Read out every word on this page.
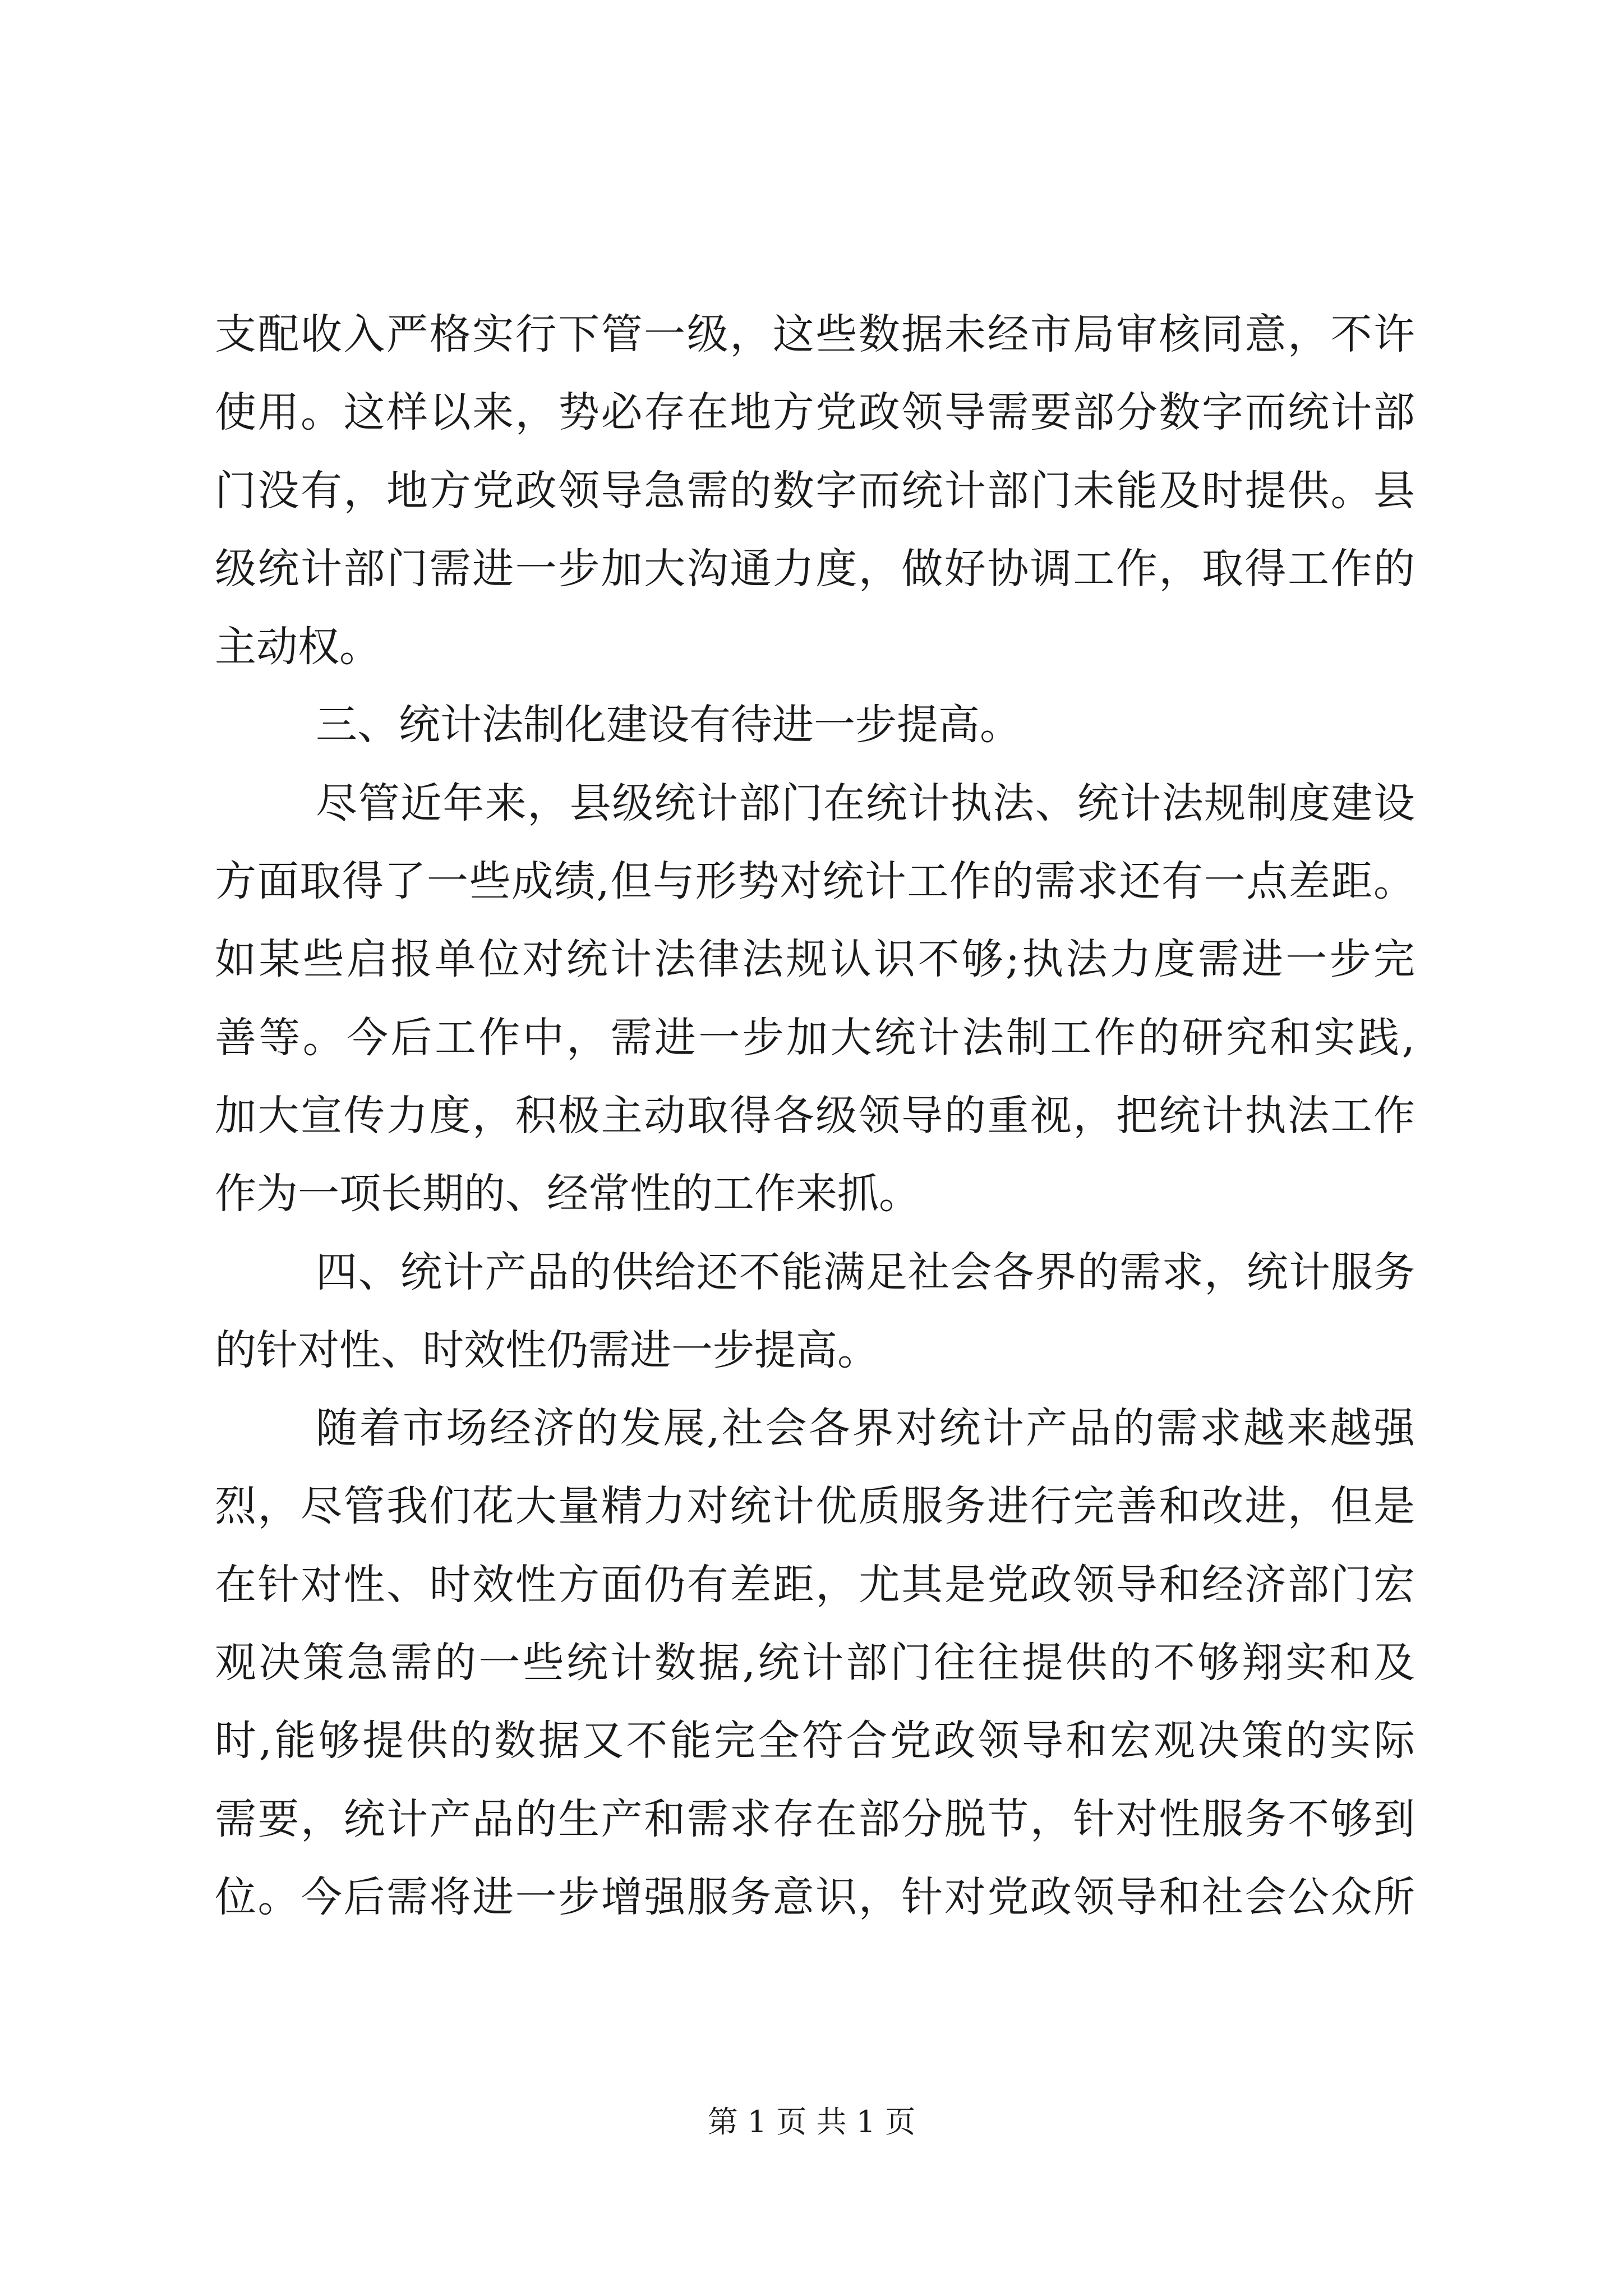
支配收入严格实行下管一级，这些数据未经市局审核同意，不许
使用。这样以来，势必存在地方党政领导需要部分数字而统计部
门没有，地方党政领导急需的数字而统计部门未能及时提供。县
级统计部门需进一步加大沟通力度，做好协调工作，取得工作的
主动权。
三、统计法制化建设有待进一步提高。
尽管近年来，县级统计部门在统计执法、统计法规制度建设
方面取得了一些成绩,但与形势对统计工作的需求还有一点差距。
如某些启报单位对统计法律法规认识不够;执法力度需进一步完
善等。今后工作中，需进一步加大统计法制工作的研究和实践,
加大宣传力度，积极主动取得各级领导的重视，把统计执法工作
作为一项长期的、经常性的工作来抓。
四、统计产品的供给还不能满足社会各界的需求，统计服务
的针对性、时效性仍需进一步提高。
随着市场经济的发展,社会各界对统计产品的需求越来越强
烈，尽管我们花大量精力对统计优质服务进行完善和改进，但是
在针对性、时效性方面仍有差距，尤其是党政领导和经济部门宏
观决策急需的一些统计数据,统计部门往往提供的不够翔实和及
时,能够提供的数据又不能完全符合党政领导和宏观决策的实际
需要，统计产品的生产和需求存在部分脱节，针对性服务不够到
位。今后需将进一步增强服务意识，针对党政领导和社会公众所
第 1 页 共 1 页
